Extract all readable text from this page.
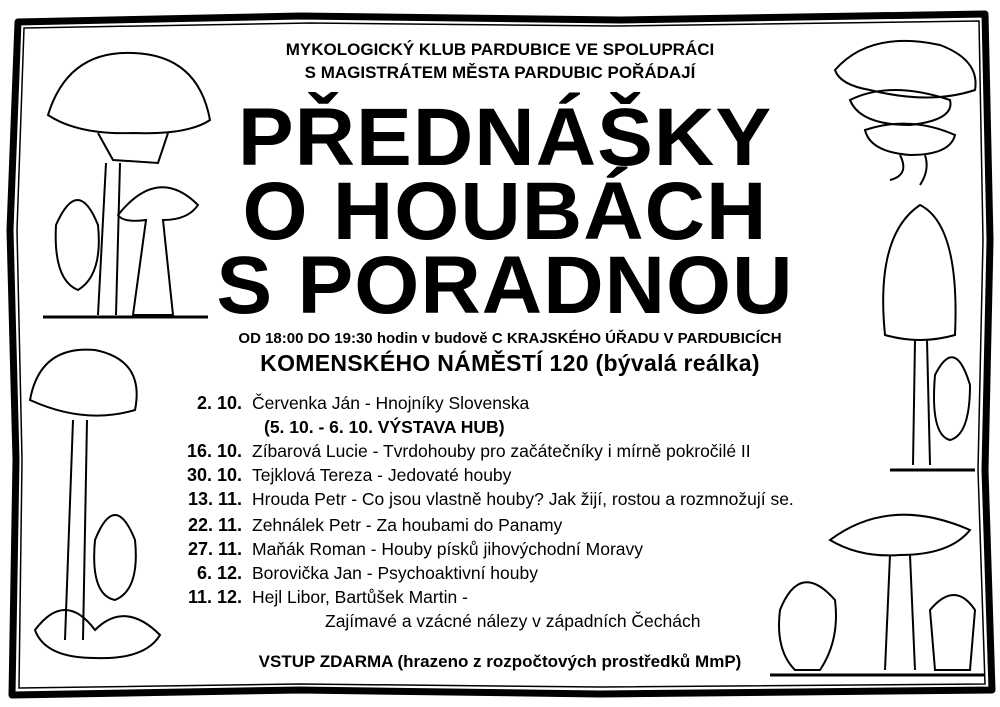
MYKOLOGICKÝ KLUB PARDUBICE VE SPOLUPRÁCI
S MAGISTRÁTEM MĚSTA PARDUBIC POŘÁDAJÍ
PŘEDNÁŠKY
O HOUBÁCH
S PORADNOU
OD 18:00 DO 19:30 hodin v budově C KRAJSKÉHO ÚŘADU V PARDUBICÍCH
KOMENSKÉHO NÁMĚSTÍ 120 (bývalá reálka)
2. 10. Červenka Ján - Hnojníky Slovenska
(5. 10. - 6. 10. VÝSTAVA HUB)
16. 10. Zíbarová Lucie - Tvrdohouby pro začátečníky i mírně pokročilé II
30. 10. Tejklová Tereza - Jedovaté houby
13. 11. Hrouda Petr - Co jsou vlastně houby? Jak žijí, rostou a rozmnožují se.
22. 11. Zehnálek Petr - Za houbami do Panamy
27. 11. Maňák Roman - Houby písků jihovýchodní Moravy
6. 12. Borovička Jan - Psychoaktivní houby
11. 12. Hejl Libor, Bartůšek Martin -
Zajímavé a vzácné nálezy v západních Čechách
VSTUP ZDARMA (hrazeno z rozpočtových prostředků MmP)
